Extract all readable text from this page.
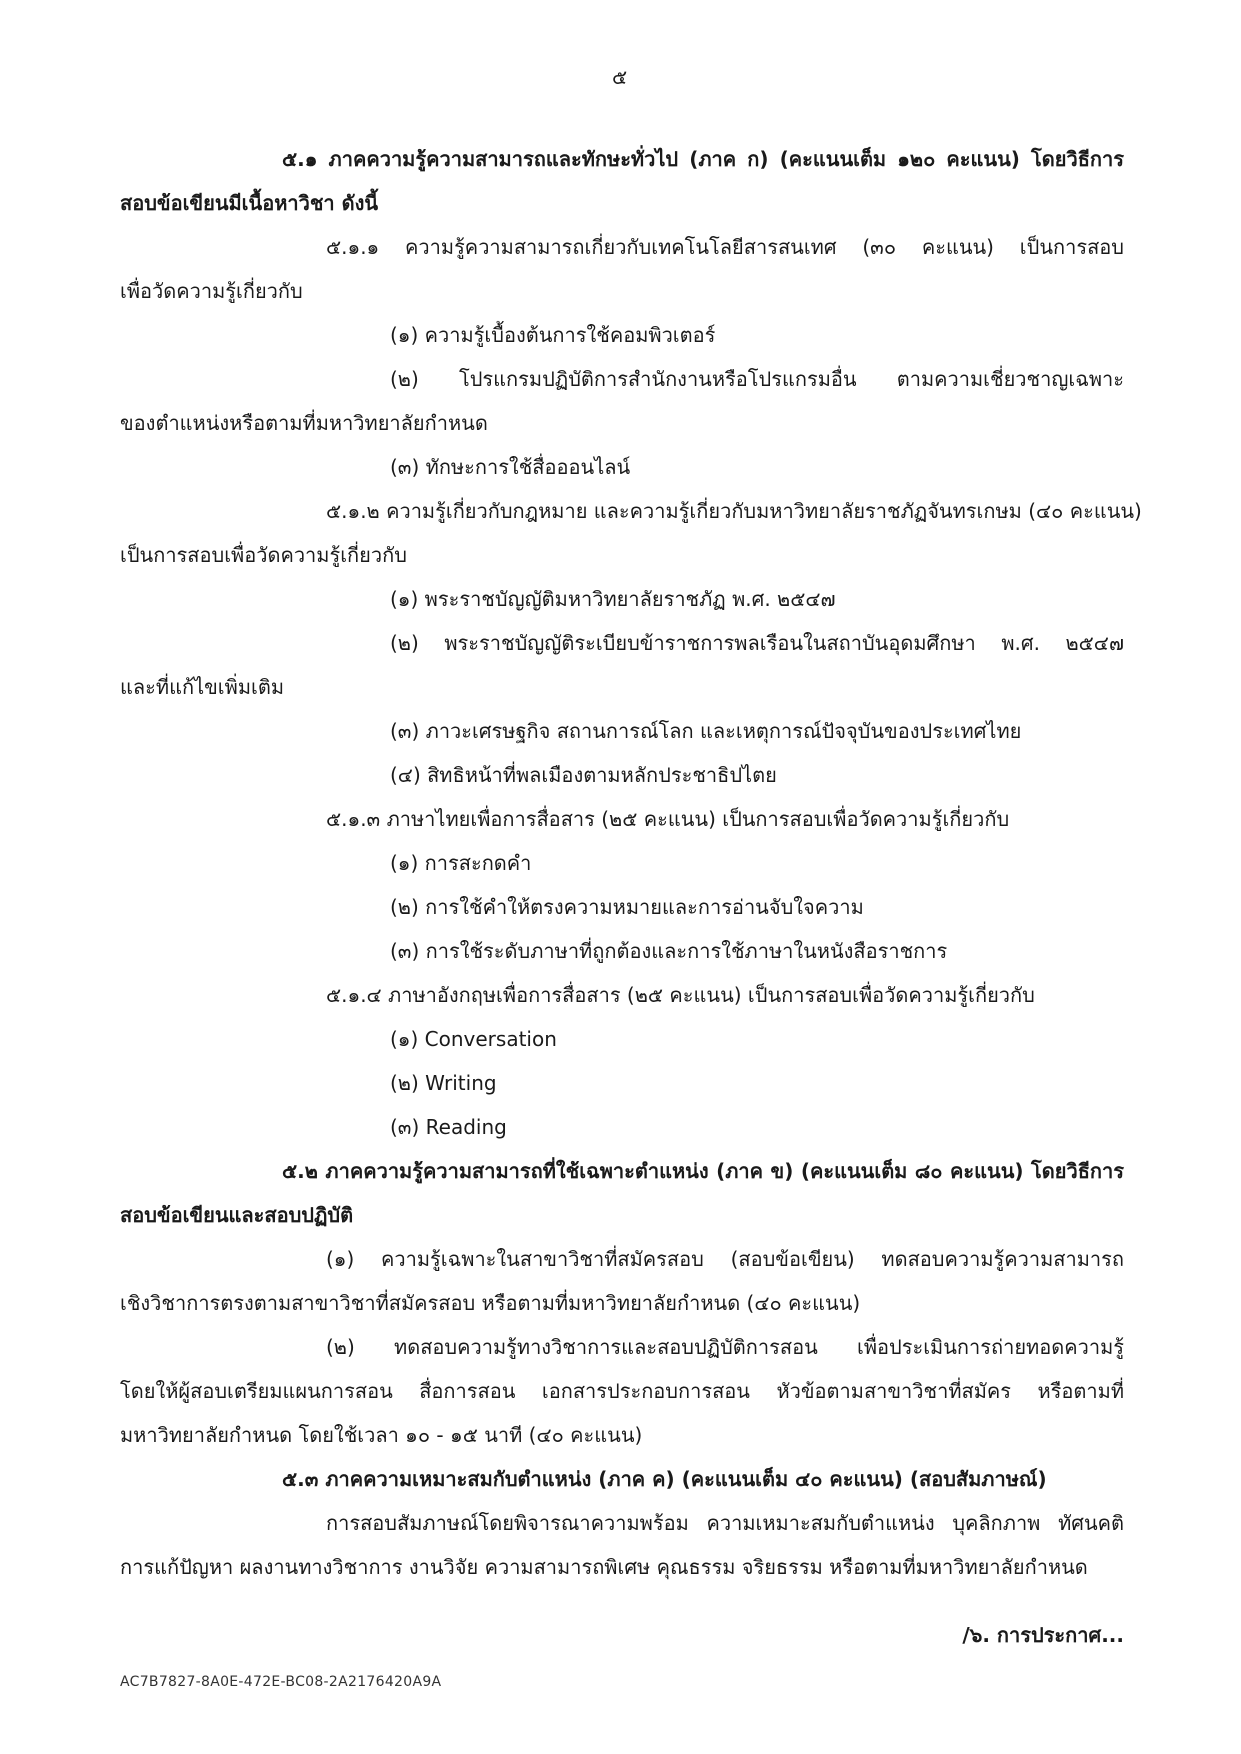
๕
๕.๑ ภาคความรู้ความสามารถและทักษะทั่วไป (ภาค ก) (คะแนนเต็ม ๑๒๐ คะแนน) โดยวิธีการ
สอบข้อเขียนมีเนื้อหาวิชา ดังนี้
๕.๑.๑ ความรู้ความสามารถเกี่ยวกับเทคโนโลยีสารสนเทศ (๓๐ คะแนน) เป็นการสอบ
เพื่อวัดความรู้เกี่ยวกับ
(๑) ความรู้เบื้องต้นการใช้คอมพิวเตอร์
(๒) โปรแกรมปฏิบัติการสำนักงานหรือโปรแกรมอื่น ตามความเชี่ยวชาญเฉพาะ
ของตำแหน่งหรือตามที่มหาวิทยาลัยกำหนด
(๓) ทักษะการใช้สื่อออนไลน์
๕.๑.๒ ความรู้เกี่ยวกับกฎหมาย และความรู้เกี่ยวกับมหาวิทยาลัยราชภัฏจันทรเกษม (๔๐ คะแนน)
เป็นการสอบเพื่อวัดความรู้เกี่ยวกับ
(๑) พระราชบัญญัติมหาวิทยาลัยราชภัฏ พ.ศ. ๒๕๔๗
(๒) พระราชบัญญัติระเบียบข้าราชการพลเรือนในสถาบันอุดมศึกษา พ.ศ. ๒๕๔๗
และที่แก้ไขเพิ่มเติม
(๓) ภาวะเศรษฐกิจ สถานการณ์โลก และเหตุการณ์ปัจจุบันของประเทศไทย
(๔) สิทธิหน้าที่พลเมืองตามหลักประชาธิปไตย
๕.๑.๓ ภาษาไทยเพื่อการสื่อสาร (๒๕ คะแนน) เป็นการสอบเพื่อวัดความรู้เกี่ยวกับ
(๑) การสะกดคำ
(๒) การใช้คำให้ตรงความหมายและการอ่านจับใจความ
(๓) การใช้ระดับภาษาที่ถูกต้องและการใช้ภาษาในหนังสือราชการ
๕.๑.๔ ภาษาอังกฤษเพื่อการสื่อสาร (๒๕ คะแนน) เป็นการสอบเพื่อวัดความรู้เกี่ยวกับ
(๑) Conversation
(๒) Writing
(๓) Reading
๕.๒ ภาคความรู้ความสามารถที่ใช้เฉพาะตำแหน่ง (ภาค ข) (คะแนนเต็ม ๘๐ คะแนน) โดยวิธีการ
สอบข้อเขียนและสอบปฏิบัติ
(๑) ความรู้เฉพาะในสาขาวิชาที่สมัครสอบ (สอบข้อเขียน) ทดสอบความรู้ความสามารถ
เชิงวิชาการตรงตามสาขาวิชาที่สมัครสอบ หรือตามที่มหาวิทยาลัยกำหนด (๔๐ คะแนน)
(๒) ทดสอบความรู้ทางวิชาการและสอบปฏิบัติการสอน เพื่อประเมินการถ่ายทอดความรู้
โดยให้ผู้สอบเตรียมแผนการสอน สื่อการสอน เอกสารประกอบการสอน หัวข้อตามสาขาวิชาที่สมัคร หรือตามที่
มหาวิทยาลัยกำหนด โดยใช้เวลา ๑๐ - ๑๕ นาที (๔๐ คะแนน)
๕.๓ ภาคความเหมาะสมกับตำแหน่ง (ภาค ค) (คะแนนเต็ม ๔๐ คะแนน) (สอบสัมภาษณ์)
การสอบสัมภาษณ์โดยพิจารณาความพร้อม ความเหมาะสมกับตำแหน่ง บุคลิกภาพ ทัศนคติ
การแก้ปัญหา ผลงานทางวิชาการ งานวิจัย ความสามารถพิเศษ คุณธรรม จริยธรรม หรือตามที่มหาวิทยาลัยกำหนด
/๖. การประกาศ...
AC7B7827-8A0E-472E-BC08-2A2176420A9A
